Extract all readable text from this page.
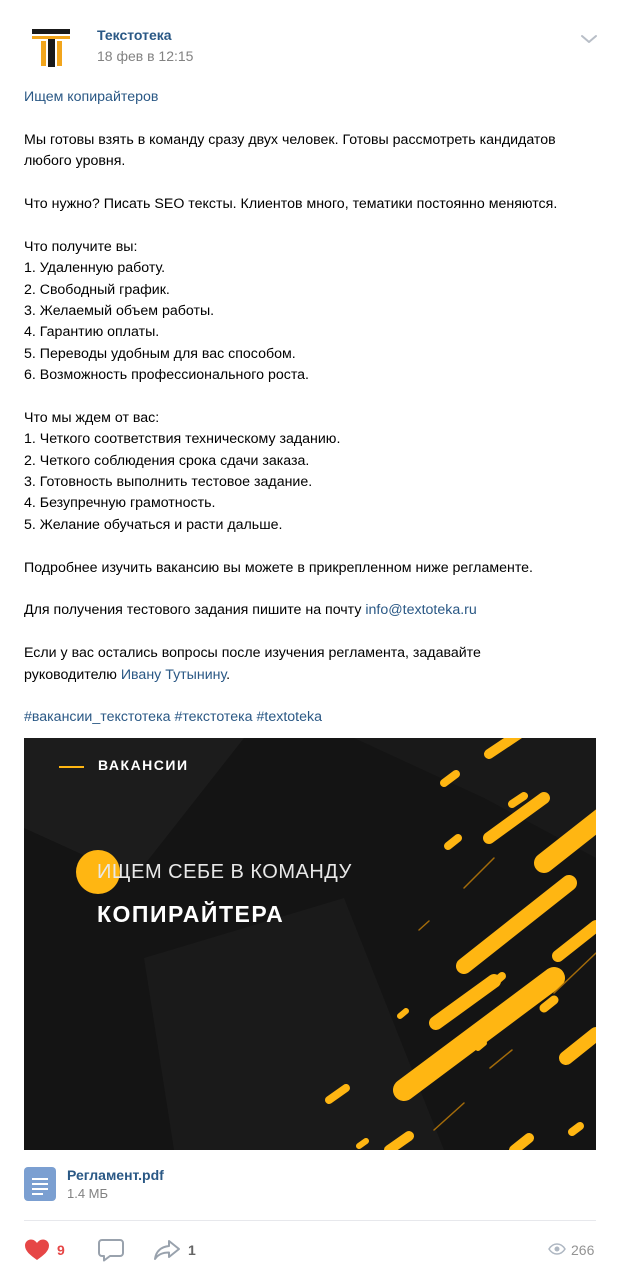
Текстотека
18 фев в 12:15
Ищем копирайтеров
Мы готовы взять в команду сразу двух человек. Готовы рассмотреть кандидатов
любого уровня.
Что нужно? Писать SEO тексты. Клиентов много, тематики постоянно меняются.
Что получите вы:
1. Удаленную работу.
2. Свободный график.
3. Желаемый объем работы.
4. Гарантию оплаты.
5. Переводы удобным для вас способом.
6. Возможность профессионального роста.
Что мы ждем от вас:
1. Четкого соответствия техническому заданию.
2. Четкого соблюдения срока сдачи заказа.
3. Готовность выполнить тестовое задание.
4. Безупречную грамотность.
5. Желание обучаться и расти дальше.
Подробнее изучить вакансию вы можете в прикрепленном ниже регламенте.
Для получения тестового задания пишите на почту info@textoteka.ru
Если у вас остались вопросы после изучения регламента, задавайте
руководителю Ивану Тутынину.
#вакансии_текстотека #текстотека #textoteka
ВАКАНСИИ
ИЩЕМ СЕБЕ В КОМАНДУ
КОПИРАЙТЕРА
Регламент.pdf
1.4 МБ
9	1	266
